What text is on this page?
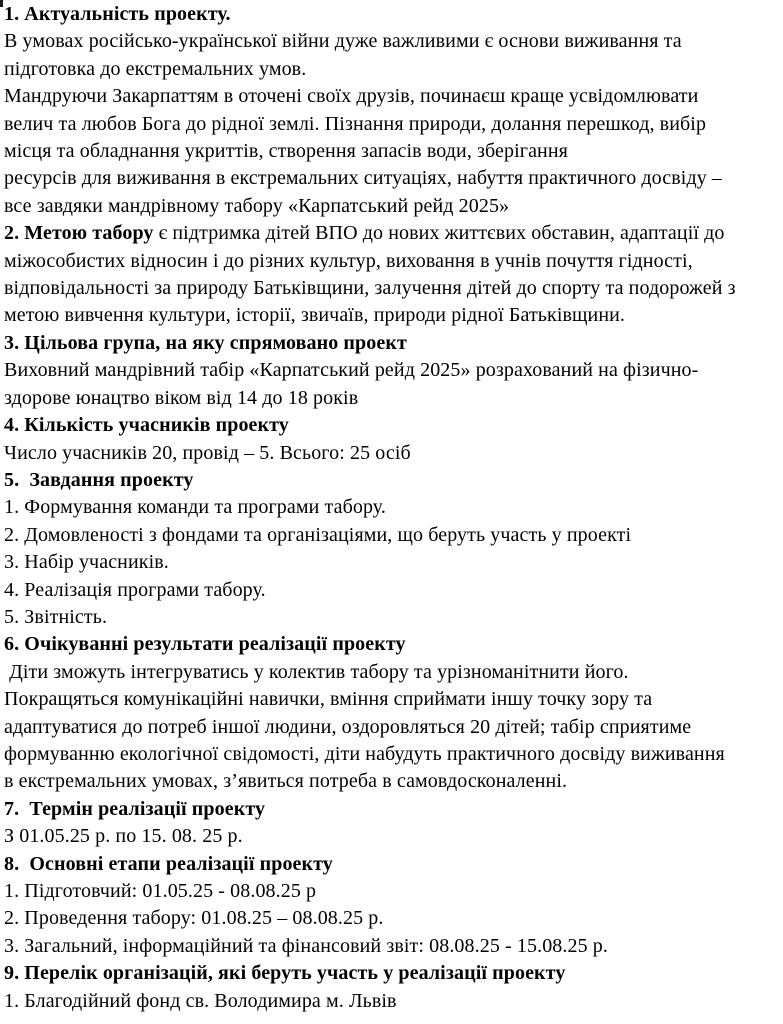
1. Актуальність проекту.
В умовах російсько-української війни дуже важливими є основи виживання та
підготовка до екстремальних умов.
Мандруючи Закарпаттям в оточені своїх друзів, починаєш краще усвідомлювати
велич та любов Бога до рідної землі. Пізнання природи, долання перешкод, вибір
місця та обладнання укриттів, створення запасів води, зберігання
ресурсів для виживання в екстремальних ситуаціях, набуття практичного досвіду –
все завдяки мандрівному табору «Карпатський рейд 2025»
2. Метою табору є підтримка дітей ВПО до нових життєвих обставин, адаптації до
міжособистих відносин і до різних культур, виховання в учнів почуття гідності,
відповідальності за природу Батьківщини, залучення дітей до спорту та подорожей з
метою вивчення культури, історії, звичаїв, природи рідної Батьківщини.
3. Цільова група, на яку спрямовано проект
Виховний мандрівний табір «Карпатський рейд 2025» розрахований на фізично-
здорове юнацтво віком від 14 до 18 років
4. Кількість учасників проекту
Число учасників 20, провід – 5. Всього: 25 осіб
5.  Завдання проекту
1. Формування команди та програми табору.
2. Домовленості з фондами та організаціями, що беруть участь у проекті
3. Набір учасників.
4. Реалізація програми табору.
5. Звітність.
6. Очікуванні результати реалізації проекту
Діти зможуть інтегруватись у колектив табору та урізноманітнити його.
Покращяться комунікаційні навички, вміння сприймати іншу точку зору та
адаптуватися до потреб іншої людини, оздоровляться 20 дітей; табір сприятиме
формуванню екологічної свідомості, діти набудуть практичного досвіду виживання
в екстремальних умовах, з’явиться потреба в самовдосконаленні.
7.  Термін реалізації проекту
З 01.05.25 р. по 15. 08. 25 р.
8.  Основні етапи реалізації проекту
1. Підготовчий: 01.05.25 - 08.08.25 р
2. Проведення табору: 01.08.25 – 08.08.25 р.
3. Загальний, інформаційний та фінансовий звіт: 08.08.25 - 15.08.25 р.
9. Перелік організацій, які беруть участь у реалізації проекту
1. Благодійний фонд св. Володимира м. Львів
